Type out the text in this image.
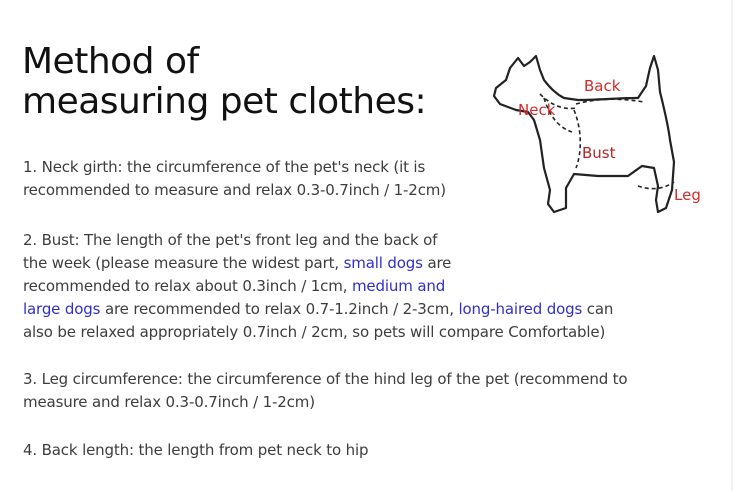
Method of
measuring pet clothes:	Back
Neck
Bust
Leg

1. Neck girth: the circumference of the pet's neck (it is
recommended to measure and relax 0.3-0.7inch / 1-2cm)

2. Bust: The length of the pet's front leg and the back of
the week (please measure the widest part, small dogs are
recommended to relax about 0.3inch / 1cm, medium and
large dogs are recommended to relax 0.7-1.2inch / 2-3cm, long-haired dogs can
also be relaxed appropriately 0.7inch / 2cm, so pets will compare Comfortable)

3. Leg circumference: the circumference of the hind leg of the pet (recommend to
measure and relax 0.3-0.7inch / 1-2cm)

4. Back length: the length from pet neck to hip
